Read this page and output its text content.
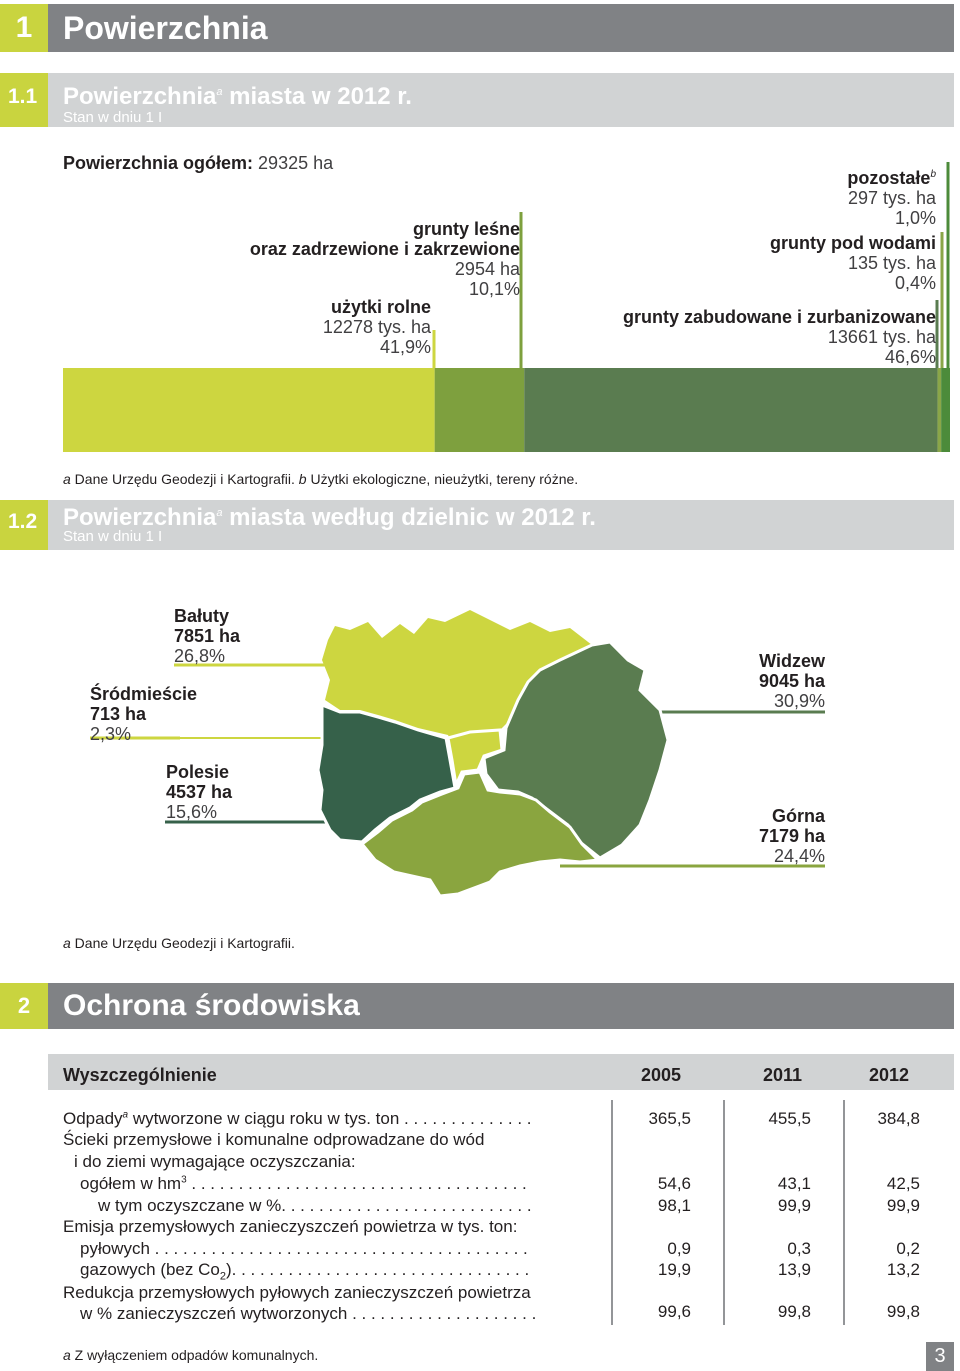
1 Powierzchnia
1.1	Powierzchnia$^a$ miasta w 2012 r.
Stan w dniu 1 I
Powierzchnia ogółem: 29325 ha
grunty leśne
oraz zadrzewione i zakrzewione
2954 ha
10,1%
użytki rolne
12278 tys. ha
41,9%
pozostałe$^b$
297 tys. ha
1,0%
grunty pod wodami
135 tys. ha
0,4%
grunty zabudowane i zurbanizowane
13661 tys. ha
46,6%
a Dane Urzędu Geodezji i Kartografii. b Użytki ekologiczne, nieużytki, tereny różne.
1.2	Powierzchnia$^a$ miasta według dzielnic w 2012 r.
Stan w dniu 1 I
Bałuty
7851 ha
26,8%
Śródmieście
713 ha
2,3%
Polesie
4537 ha
15,6%
Widzew
9045 ha
30,9%
Górna
7179 ha
24,4%
a Dane Urzędu Geodezji i Kartografii.
2	Ochrona środowiska
Wyszczególnienie	2005	2011	2012
Odpady$^a$ wytworzone w ciągu roku w tys. ton . . . . . . . . . . . . . .	365,5	455,5	384,8
Ścieki przemysłowe i komunalne odprowadzane do wód
i do ziemi wymagające oczyszczania:
ogółem w $hm^3$ . . . . . . . . . . . . . . . . . . . . . . . . . . . . . . . . . . . .	54,6	43,1	42,5
w tym oczyszczane w %. . . . . . . . . . . . . . . . . . . . . . . . . . .	98,1	99,9	99,9
Emisja przemysłowych zanieczyszczeń powietrza w tys. ton:
pyłowych . . . . . . . . . . . . . . . . . . . . . . . . . . . . . . . . . . . . . . . .	0,9	0,3	0,2
gazowych (bez $Co_2$). . . . . . . . . . . . . . . . . . . . . . . . . . . . . . . .	19,9	13,9	13,2
Redukcja przemysłowych pyłowych zanieczyszczeń powietrza
w % zanieczyszczeń wytworzonych . . . . . . . . . . . . . . . . . . . .	99,6	99,8	99,8
a Z wyłączeniem odpadów komunalnych.	3
